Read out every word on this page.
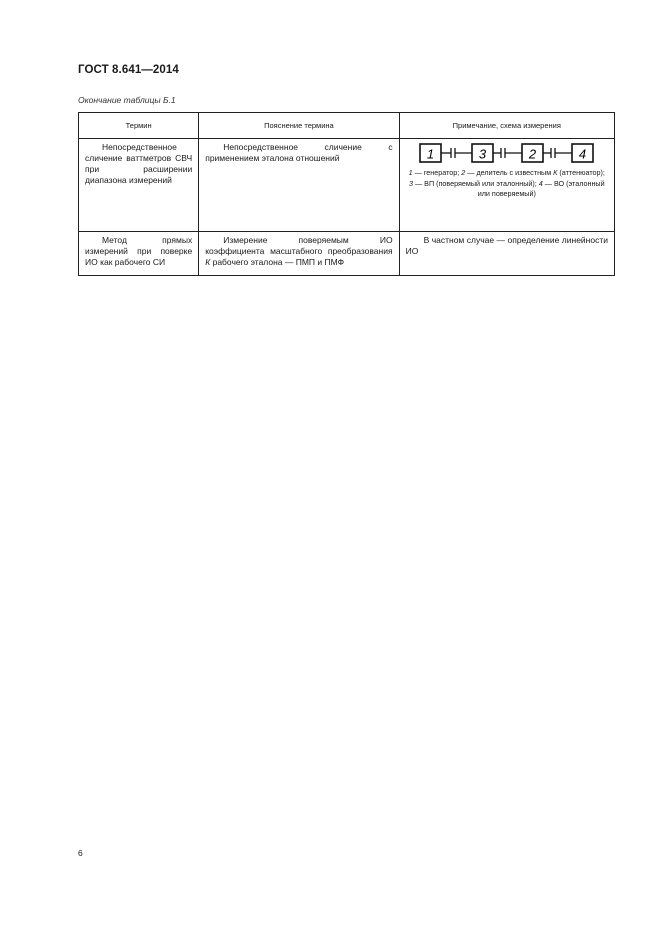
ГОСТ 8.641—2014
Окончание таблицы Б.1
Термин	Пояснение термина	Примечание, схема измерения

Непосредственное сличение ваттметров СВЧ при расширении диапазона измерений	Непосредственное сличение с применением эталона отношений	1 3 2 4
1 — генератор; 2 — делитель с известным К (аттенюатор); 3 — ВП (поверяемый или эталонный); 4 — ВО (эталонный или поверяемый)

Метод прямых измерений при поверке ИО как рабочего СИ	Измерение поверяемым ИО коэффициента масштабного преобразования К рабочего эталона — ПМП и ПМФ	В частном случае — определение линейности ИО
6
